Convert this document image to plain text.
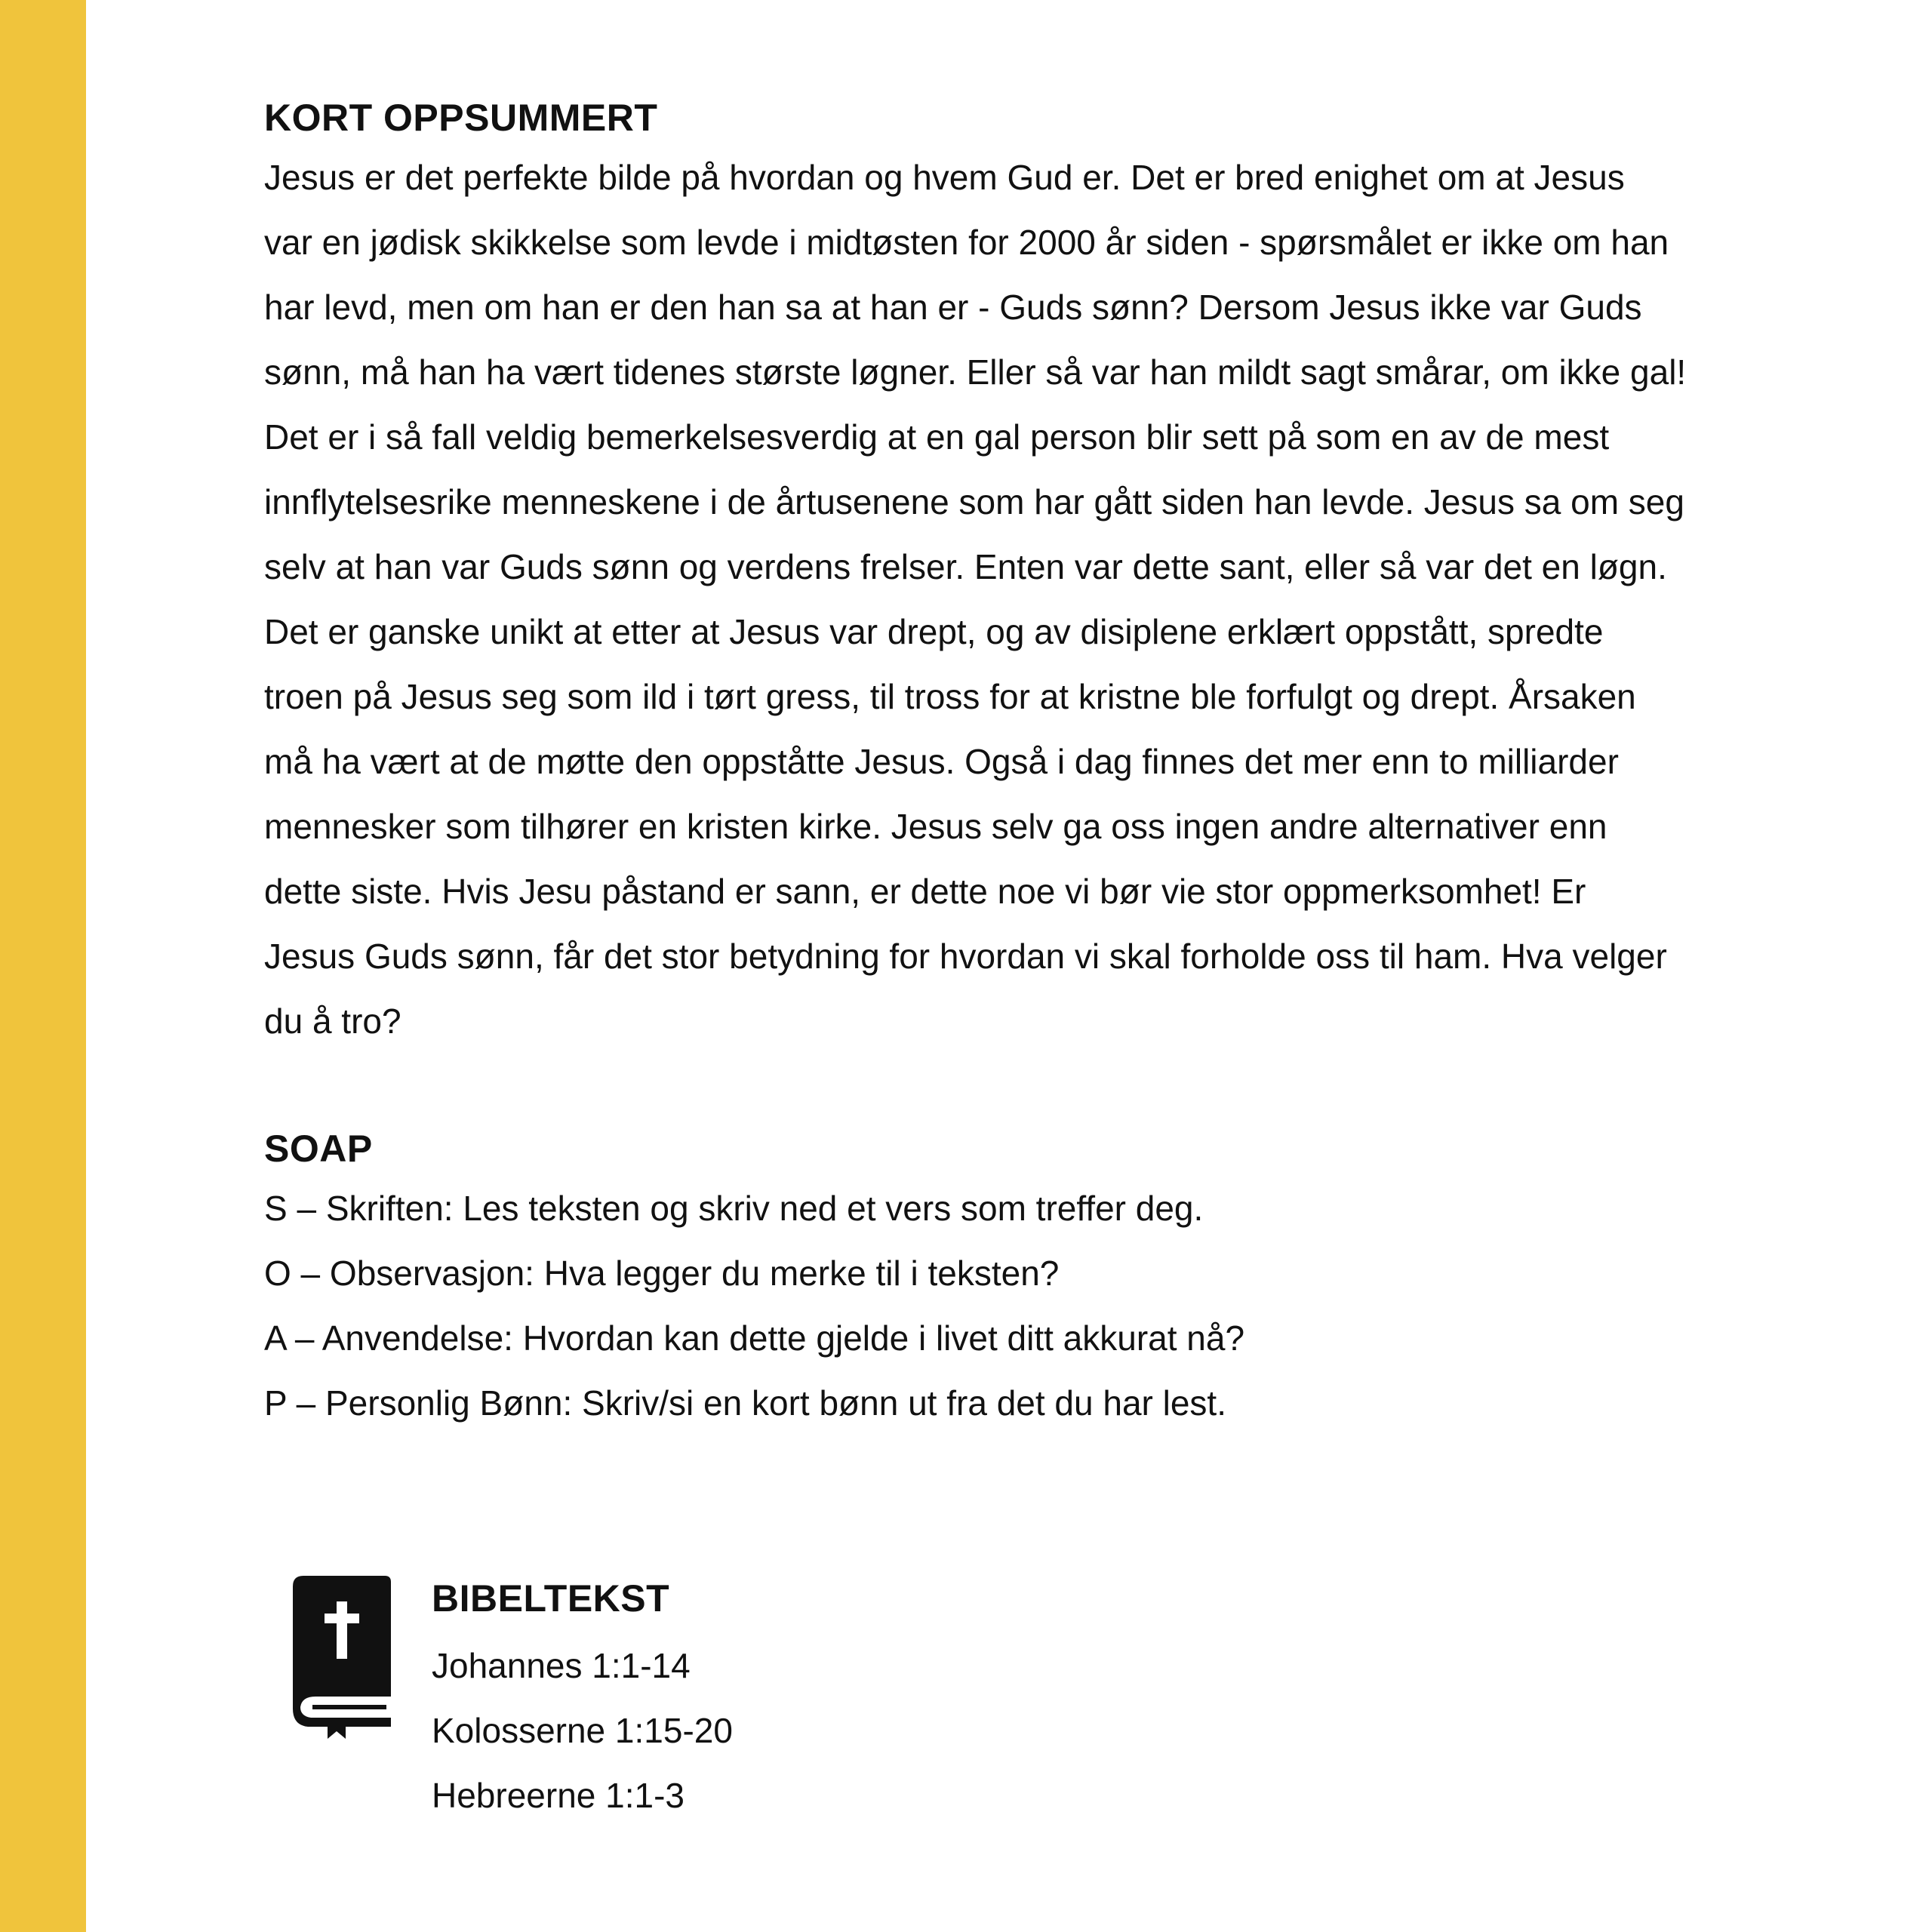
KORT OPPSUMMERT

Jesus er det perfekte bilde på hvordan og hvem Gud er. Det er bred enighet om at Jesus

var en jødisk skikkelse som levde i midtøsten for 2000 år siden - spørsmålet er ikke om han

har levd, men om han er den han sa at han er - Guds sønn? Dersom Jesus ikke var Guds

sønn, må han ha vært tidenes største løgner. Eller så var han mildt sagt smårar, om ikke gal!

Det er i så fall veldig bemerkelsesverdig at en gal person blir sett på som en av de mest

innflytelsesrike menneskene i de årtusenene som har gått siden han levde. Jesus sa om seg

selv at han var Guds sønn og verdens frelser. Enten var dette sant, eller så var det en løgn.

Det er ganske unikt at etter at Jesus var drept, og av disiplene erklært oppstått, spredte

troen på Jesus seg som ild i tørt gress, til tross for at kristne ble forfulgt og drept. Årsaken

må ha vært at de møtte den oppståtte Jesus. Også i dag finnes det mer enn to milliarder

mennesker som tilhører en kristen kirke. Jesus selv ga oss ingen andre alternativer enn

dette siste. Hvis Jesu påstand er sann, er dette noe vi bør vie stor oppmerksomhet! Er

Jesus Guds sønn, får det stor betydning for hvordan vi skal forholde oss til ham. Hva velger

du å tro?

SOAP
S – Skriften: Les teksten og skriv ned et vers som treffer deg.
O – Observasjon: Hva legger du merke til i teksten?
A – Anvendelse: Hvordan kan dette gjelde i livet ditt akkurat nå?
P – Personlig Bønn: Skriv/si en kort bønn ut fra det du har lest.
BIBELTEKST
Johannes 1:1-14
Kolosserne 1:15-20
Hebreerne 1:1-3
